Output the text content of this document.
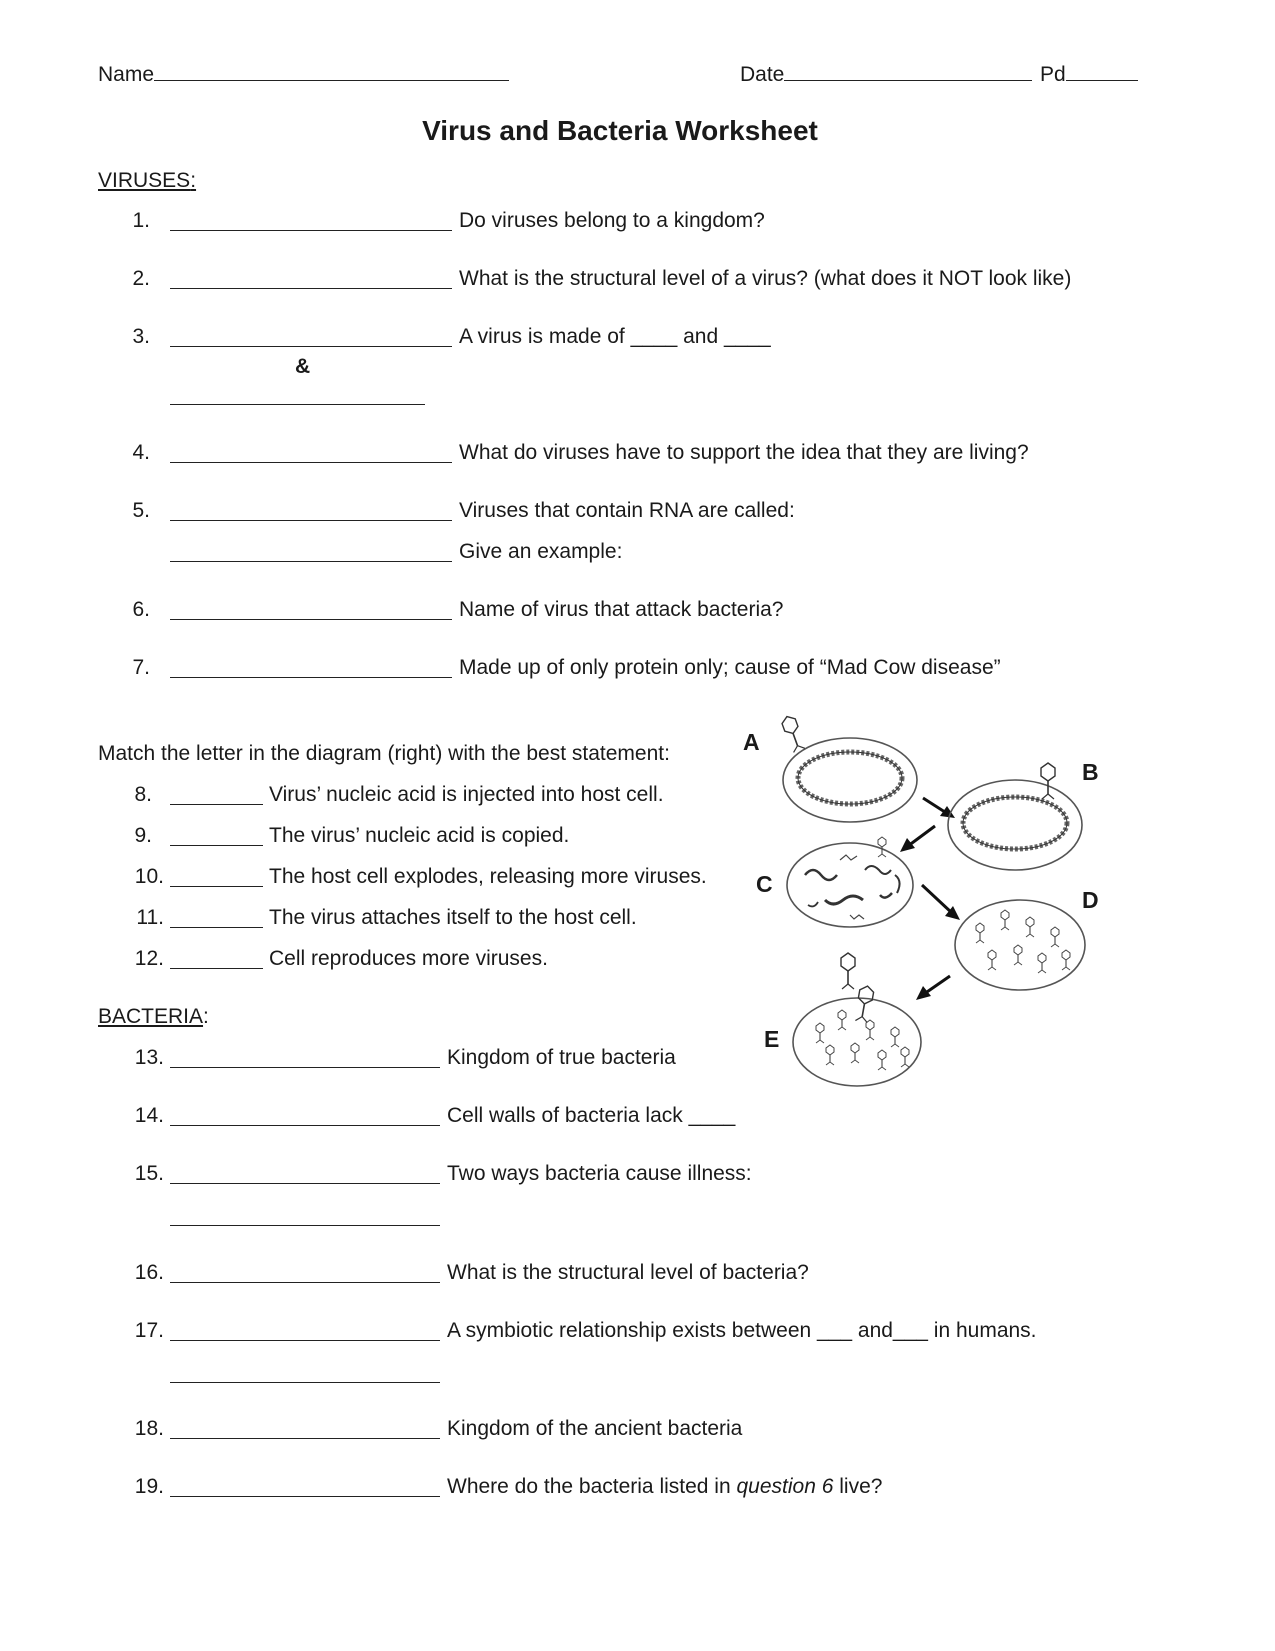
Name	Date	Pd
Virus and Bacteria Worksheet
VIRUSES:
1.	Do viruses belong to a kingdom?
2.	What is the structural level of a virus? (what does it NOT look like)
3.	A virus is made of ____ and ____
&
4.	What do viruses have to support the idea that they are living?
5.	Viruses that contain RNA are called:
Give an example:
6.	Name of virus that attack bacteria?
7.	Made up of only protein only; cause of “Mad Cow disease”
Match the letter in the diagram (right) with the best statement:
8.	Virus’ nucleic acid is injected into host cell.
9.	The virus’ nucleic acid is copied.
10.	The host cell explodes, releasing more viruses.
11.	The virus attaches itself to the host cell.
12.	Cell reproduces more viruses.
A
B
C
D
E
BACTERIA:
13.	Kingdom of true bacteria
14.	Cell walls of bacteria lack ____
15.	Two ways bacteria cause illness:
16.	What is the structural level of bacteria?
17.	A symbiotic relationship exists between ___ and___ in humans.
18.	Kingdom of the ancient bacteria
19.	Where do the bacteria listed in question 6 live?
